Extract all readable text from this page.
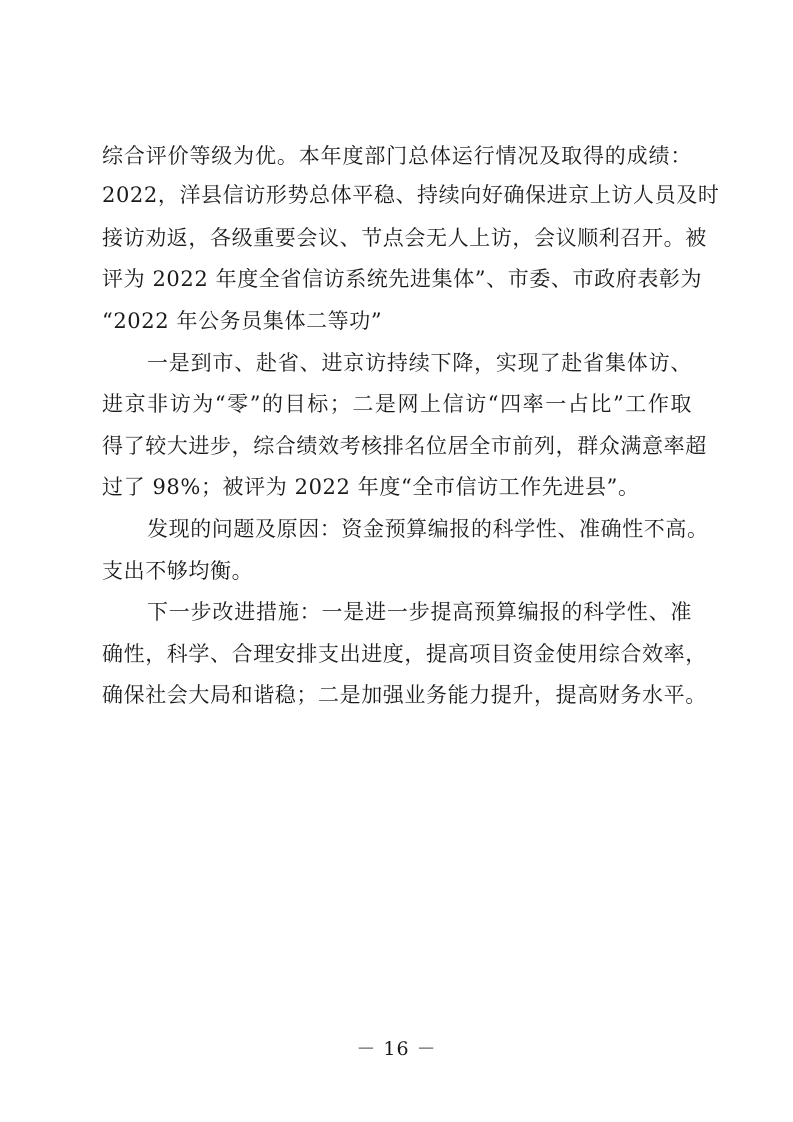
综合评价等级为优。本年度部门总体运行情况及取得的成绩：
2022，洋县信访形势总体平稳、持续向好确保进京上访人员及时
接访劝返，各级重要会议、节点会无人上访，会议顺利召开。被
评为 2022 年度全省信访系统先进集体”、市委、市政府表彰为
“2022 年公务员集体二等功”
一是到市、赴省、进京访持续下降，实现了赴省集体访、
进京非访为“零”的目标；二是网上信访“四率一占比”工作取
得了较大进步，综合绩效考核排名位居全市前列，群众满意率超
过了 98%；被评为 2022 年度“全市信访工作先进县”。
发现的问题及原因：资金预算编报的科学性、准确性不高。
支出不够均衡。
下一步改进措施：一是进一步提高预算编报的科学性、准
确性，科学、合理安排支出进度，提高项目资金使用综合效率，
确保社会大局和谐稳；二是加强业务能力提升，提高财务水平。
－ 16 －
